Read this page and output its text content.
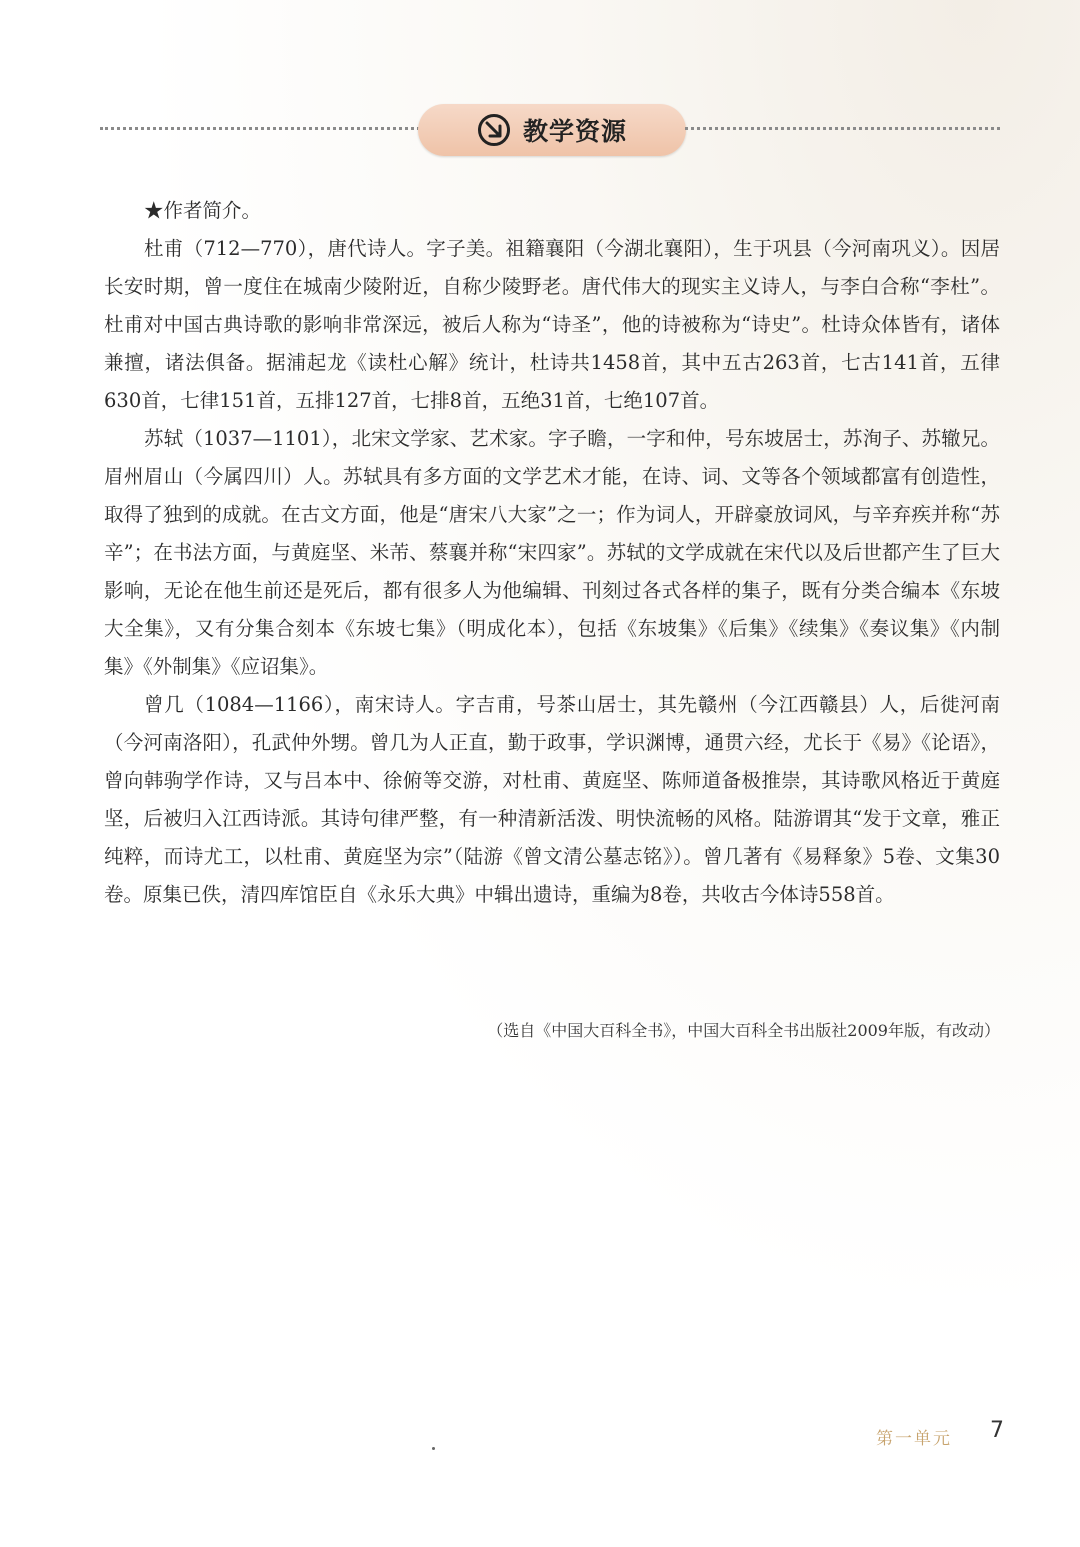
教学资源

★作者简介。

杜甫（712—770），唐代诗人。字子美。祖籍襄阳（今湖北襄阳），生于巩县（今河南巩义）。因居长安时期，曾一度住在城南少陵附近，自称少陵野老。唐代伟大的现实主义诗人，与李白合称“李杜”。杜甫对中国古典诗歌的影响非常深远，被后人称为“诗圣”，他的诗被称为“诗史”。杜诗众体皆有，诸体兼擅，诸法俱备。据浦起龙《读杜心解》统计，杜诗共1458首，其中五古263首，七古141首，五律630首，七律151首，五排127首，七排8首，五绝31首，七绝107首。

苏轼（1037—1101），北宋文学家、艺术家。字子瞻，一字和仲，号东坡居士，苏洵子、苏辙兄。眉州眉山（今属四川）人。苏轼具有多方面的文学艺术才能，在诗、词、文等各个领域都富有创造性，取得了独到的成就。在古文方面，他是“唐宋八大家”之一；作为词人，开辟豪放词风，与辛弃疾并称“苏辛”；在书法方面，与黄庭坚、米芾、蔡襄并称“宋四家”。苏轼的文学成就在宋代以及后世都产生了巨大影响，无论在他生前还是死后，都有很多人为他编辑、刊刻过各式各样的集子，既有分类合编本《东坡大全集》，又有分集合刻本《东坡七集》（明成化本），包括《东坡集》《后集》《续集》《奏议集》《内制集》《外制集》《应诏集》。

曾几（1084—1166），南宋诗人。字吉甫，号茶山居士，其先赣州（今江西赣县）人，后徙河南（今河南洛阳），孔武仲外甥。曾几为人正直，勤于政事，学识渊博，通贯六经，尤长于《易》《论语》，曾向韩驹学作诗，又与吕本中、徐俯等交游，对杜甫、黄庭坚、陈师道备极推崇，其诗歌风格近于黄庭坚，后被归入江西诗派。其诗句律严整，有一种清新活泼、明快流畅的风格。陆游谓其“发于文章，雅正纯粹，而诗尤工，以杜甫、黄庭坚为宗”（陆游《曾文清公墓志铭》）。曾几著有《易释象》5卷、文集30卷。原集已佚，清四库馆臣自《永乐大典》中辑出遗诗，重编为8卷，共收古今体诗558首。

（选自《中国大百科全书》，中国大百科全书出版社2009年版，有改动）
第一单元 7
